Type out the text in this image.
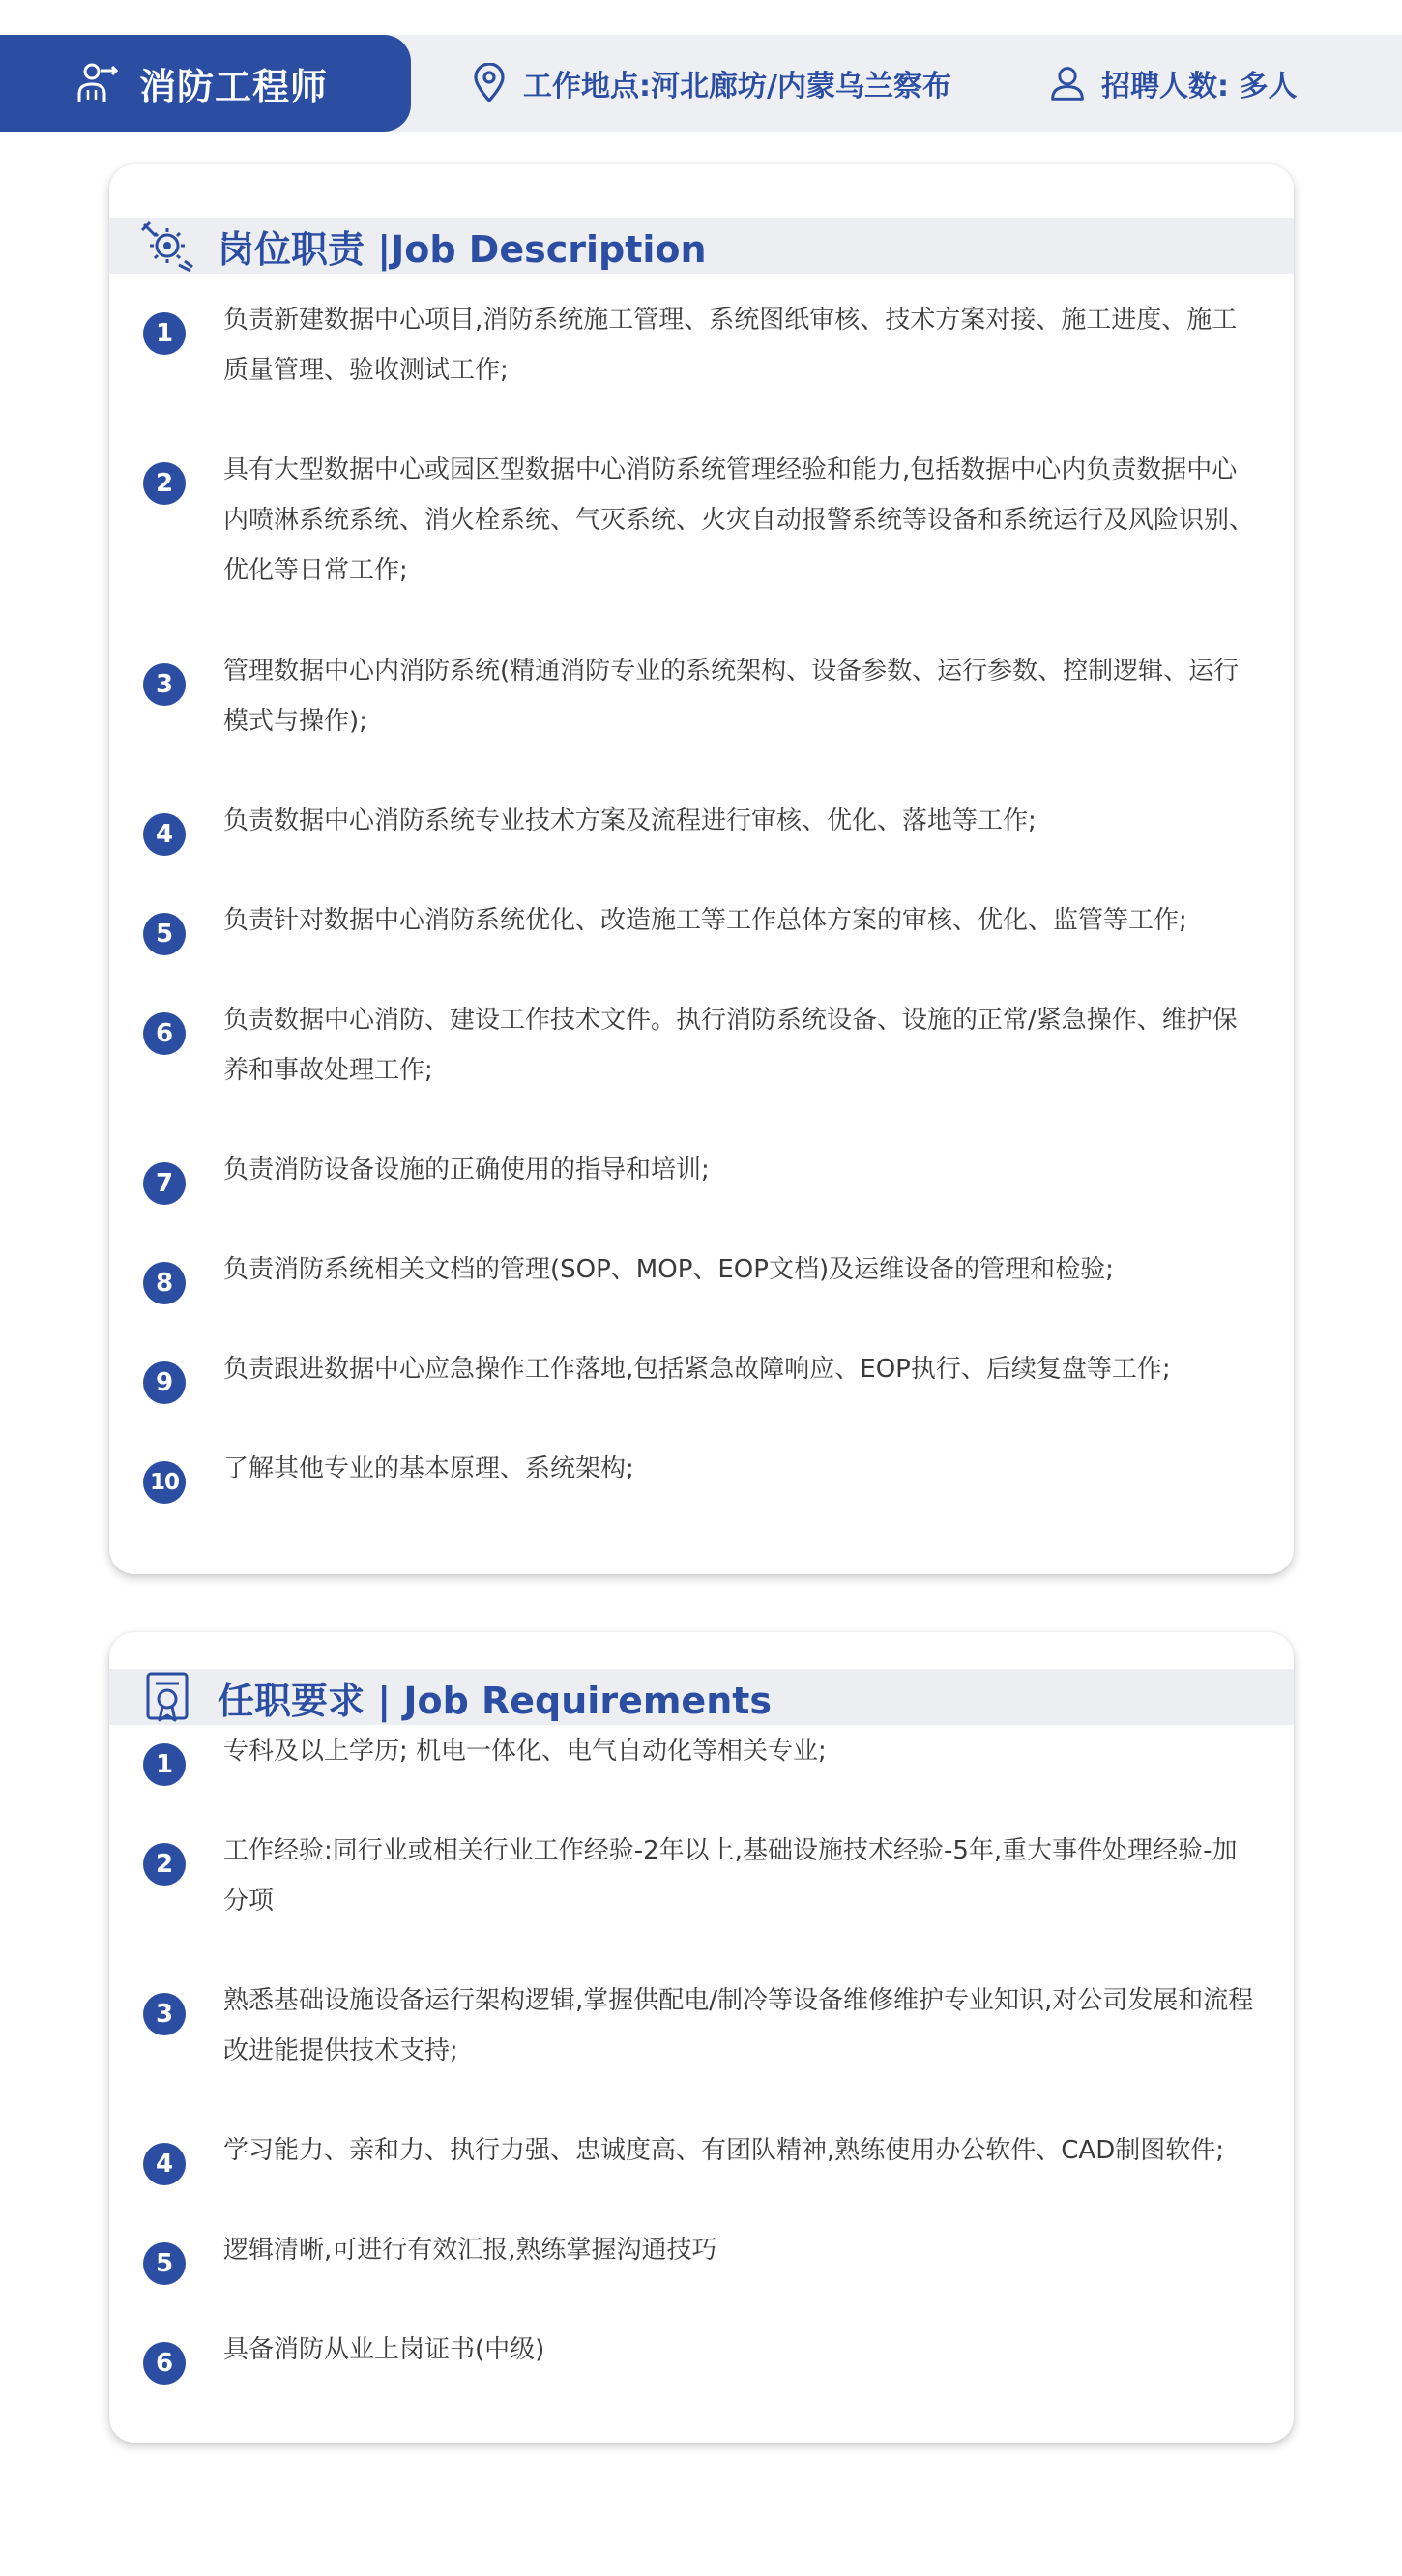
消防工程师	工作地点:河北廊坊/内蒙乌兰察布	招聘人数: 多人
岗位职责 |Job Description
1	负责新建数据中心项目,消防系统施工管理、系统图纸审核、技术方案对接、施工进度、施工质量管理、验收测试工作;
2	具有大型数据中心或园区型数据中心消防系统管理经验和能力,包括数据中心内负责数据中心内喷淋系统系统、消火栓系统、气灭系统、火灾自动报警系统等设备和系统运行及风险识别、优化等日常工作;
3	管理数据中心内消防系统(精通消防专业的系统架构、设备参数、运行参数、控制逻辑、运行模式与操作);
4	负责数据中心消防系统专业技术方案及流程进行审核、优化、落地等工作;
5	负责针对数据中心消防系统优化、改造施工等工作总体方案的审核、优化、监管等工作;
6	负责数据中心消防、建设工作技术文件。执行消防系统设备、设施的正常/紧急操作、维护保养和事故处理工作;
7	负责消防设备设施的正确使用的指导和培训;
8	负责消防系统相关文档的管理(SOP、MOP、EOP文档)及运维设备的管理和检验;
9	负责跟进数据中心应急操作工作落地,包括紧急故障响应、EOP执行、后续复盘等工作;
10 了解其他专业的基本原理、系统架构;
任职要求 | Job Requirements
1	专科及以上学历; 机电一体化、电气自动化等相关专业;
2	工作经验:同行业或相关行业工作经验-2年以上,基础设施技术经验-5年,重大事件处理经验-加分项
3	熟悉基础设施设备运行架构逻辑,掌握供配电/制冷等设备维修维护专业知识,对公司发展和流程改进能提供技术支持;
4	学习能力、亲和力、执行力强、忠诚度高、有团队精神,熟练使用办公软件、CAD制图软件;
5	逻辑清晰,可进行有效汇报,熟练掌握沟通技巧
6	具备消防从业上岗证书(中级)
